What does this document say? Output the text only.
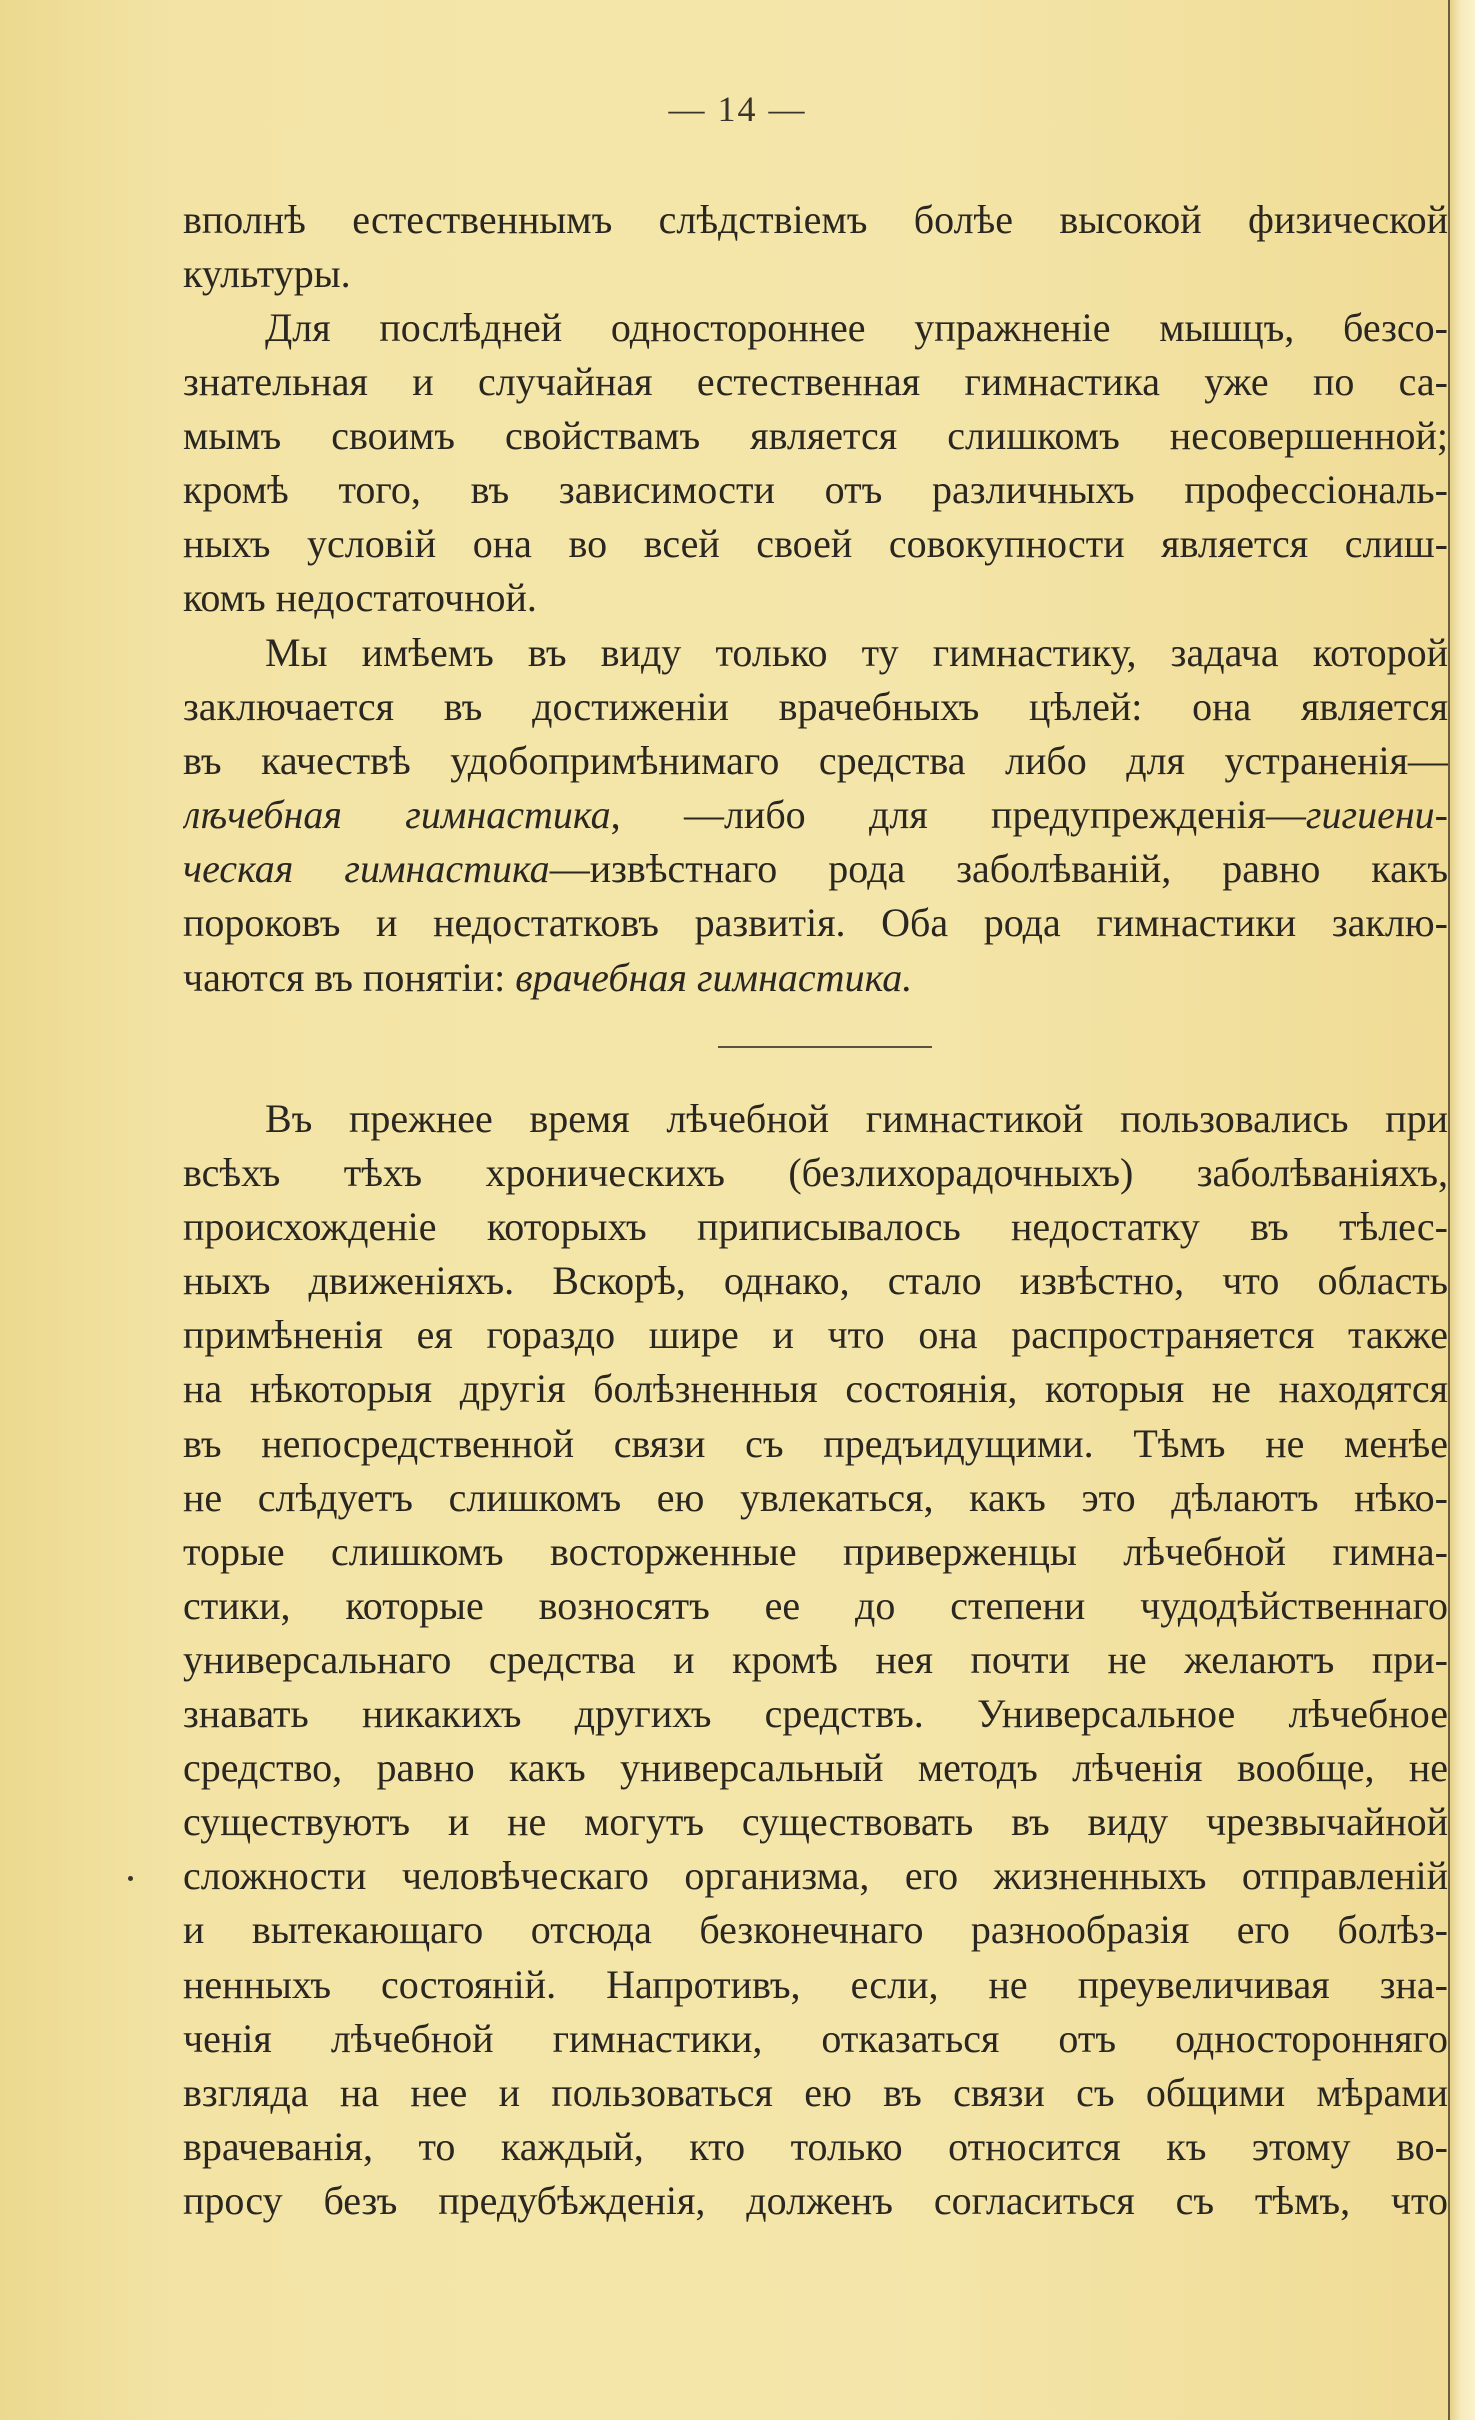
— 14 —
вполнѣ естественнымъ слѣдствіемъ болѣе высокой физической
культуры.
Для послѣдней одностороннее упражненіе мышцъ, безсо-
знательная и случайная естественная гимнастика уже по са-
мымъ своимъ свойствамъ является слишкомъ несовершенной;
кромѣ того, въ зависимости отъ различныхъ профессіональ-
ныхъ условій она во всей своей совокупности является слиш-
комъ недостаточной.
Мы имѣемъ въ виду только ту гимнастику, задача которой
заключается въ достиженіи врачебныхъ цѣлей: она является
въ качествѣ удобопримѣнимаго средства либо для устраненія—
лѣчебная гимнастика, —либо для предупрежденія—гигиени-
ческая гимнастика—извѣстнаго рода заболѣваній, равно какъ
пороковъ и недостатковъ развитія. Оба рода гимнастики заклю-
чаются въ понятіи: врачебная гимнастика.
Въ прежнее время лѣчебной гимнастикой пользовались при
всѣхъ тѣхъ хроническихъ (безлихорадочныхъ) заболѣваніяхъ,
происхожденіе которыхъ приписывалось недостатку въ тѣлес-
ныхъ движеніяхъ. Вскорѣ, однако, стало извѣстно, что область
примѣненія ея гораздо шире и что она распространяется также
на нѣкоторыя другія болѣзненныя состоянія, которыя не находятся
въ непосредственной связи съ предъидущими. Тѣмъ не менѣе
не слѣдуетъ слишкомъ ею увлекаться, какъ это дѣлаютъ нѣко-
торые слишкомъ восторженные приверженцы лѣчебной гимна-
стики, которые возносятъ ее до степени чудодѣйственнаго
универсальнаго средства и кромѣ нея почти не желаютъ при-
знавать никакихъ другихъ средствъ. Универсальное лѣчебное
средство, равно какъ универсальный методъ лѣченія вообще, не
существуютъ и не могутъ существовать въ виду чрезвычайной
сложности человѣческаго организма, его жизненныхъ отправленій
и вытекающаго отсюда безконечнаго разнообразія его болѣз-
ненныхъ состояній. Напротивъ, если, не преувеличивая зна-
ченія лѣчебной гимнастики, отказаться отъ односторонняго
взгляда на нее и пользоваться ею въ связи съ общими мѣрами
врачеванія, то каждый, кто только относится къ этому во-
просу безъ предубѣжденія, долженъ согласиться съ тѣмъ, что
